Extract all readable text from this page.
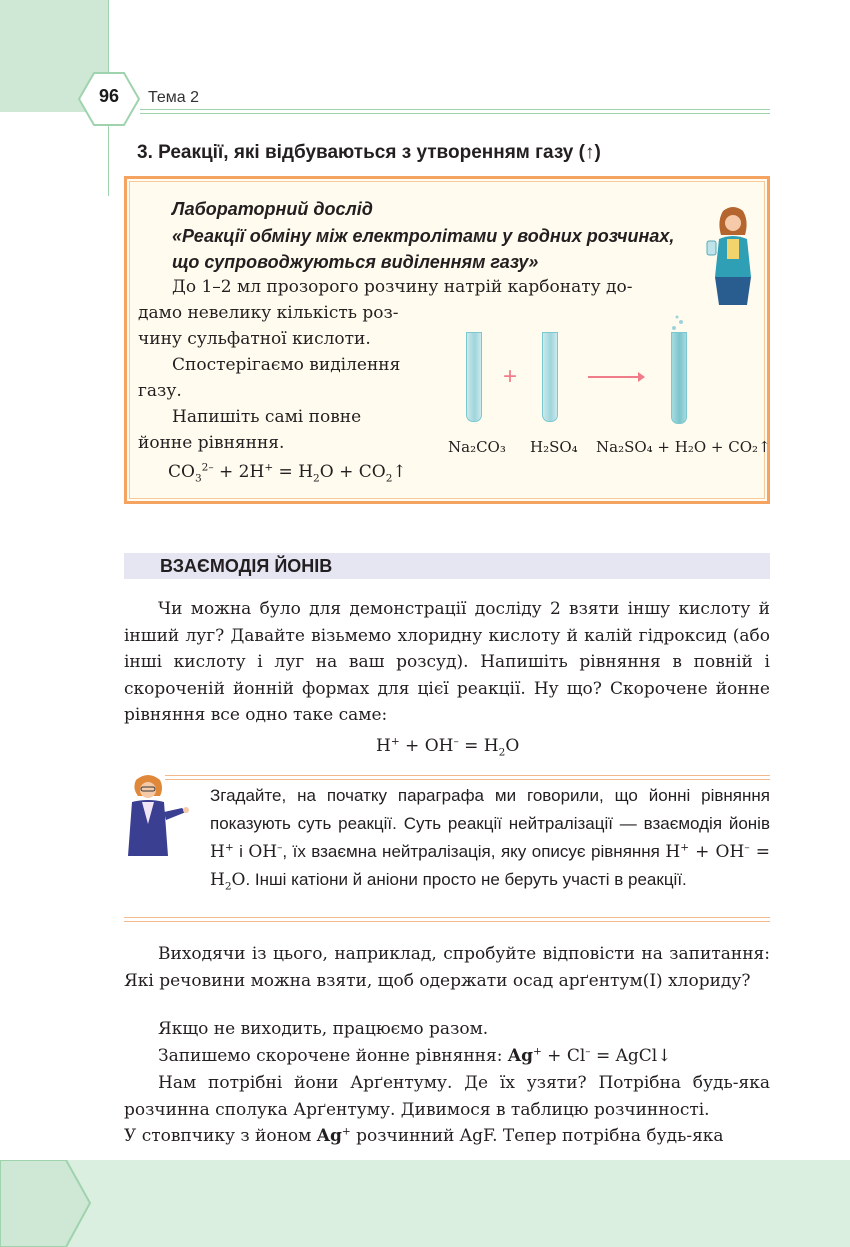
96	Тема 2
3. Реакції, які відбуваються з утворенням газу (↑)
Лабораторний дослід
«Реакції обміну між електролітами у водних розчинах,
що супроводжуються виділенням газу»
До 1–2 мл прозорого розчину натрій карбонату до-
дамо невелику кількість роз-
чину сульфатної кислоти.
Спостерігаємо виділення
газу.
Напишіть самі повне
йонне рівняння.
$CO_3^{2-} + 2H^+ = H_2O$ + $CO_2↑$
+
Na₂CO₃ H₂SO₄ Na₂SO₄ + H₂O + CO₂↑
ВЗАЄМОДІЯ ЙОНІВ
Чи можна було для демонстрації досліду 2 взяти іншу кислоту й інший луг? Давайте візьмемо хлоридну кислоту й калій гідроксид (або інші кислоту і луг на ваш розсуд). Напишіть рівняння в повній і скороченій йонній формах для цієї реакції. Ну що? Скорочене йонне рівняння все одно таке саме:
$H^+ + OH^- = H_2O$
Згадайте, на початку параграфа ми говорили, що йонні рівняння показують суть реакції. Суть реакції нейтралізації — взаємодія йонів H+ і OH–, їх взаємна нейтралізація, яку описує рівняння $H^+ + OH^- = H_2O$. Інші катіони й аніони просто не беруть участі в реакції.
Виходячи із цього, наприклад, спробуйте відповісти на запитання: Які речовини можна взяти, щоб одержати осад арґентум(I) хлориду?
Якщо не виходить, працюємо разом.
Запишемо скорочене йонне рівняння: Ag+ + Cl– = AgCl↓
Нам потрібні йони Арґентуму. Де їх узяти? Потрібна будь-яка розчинна сполука Арґентуму. Дивимося в таблицю розчинності.
У стовпчику з йоном Ag+ розчинний AgF. Тепер потрібна будь-яка
